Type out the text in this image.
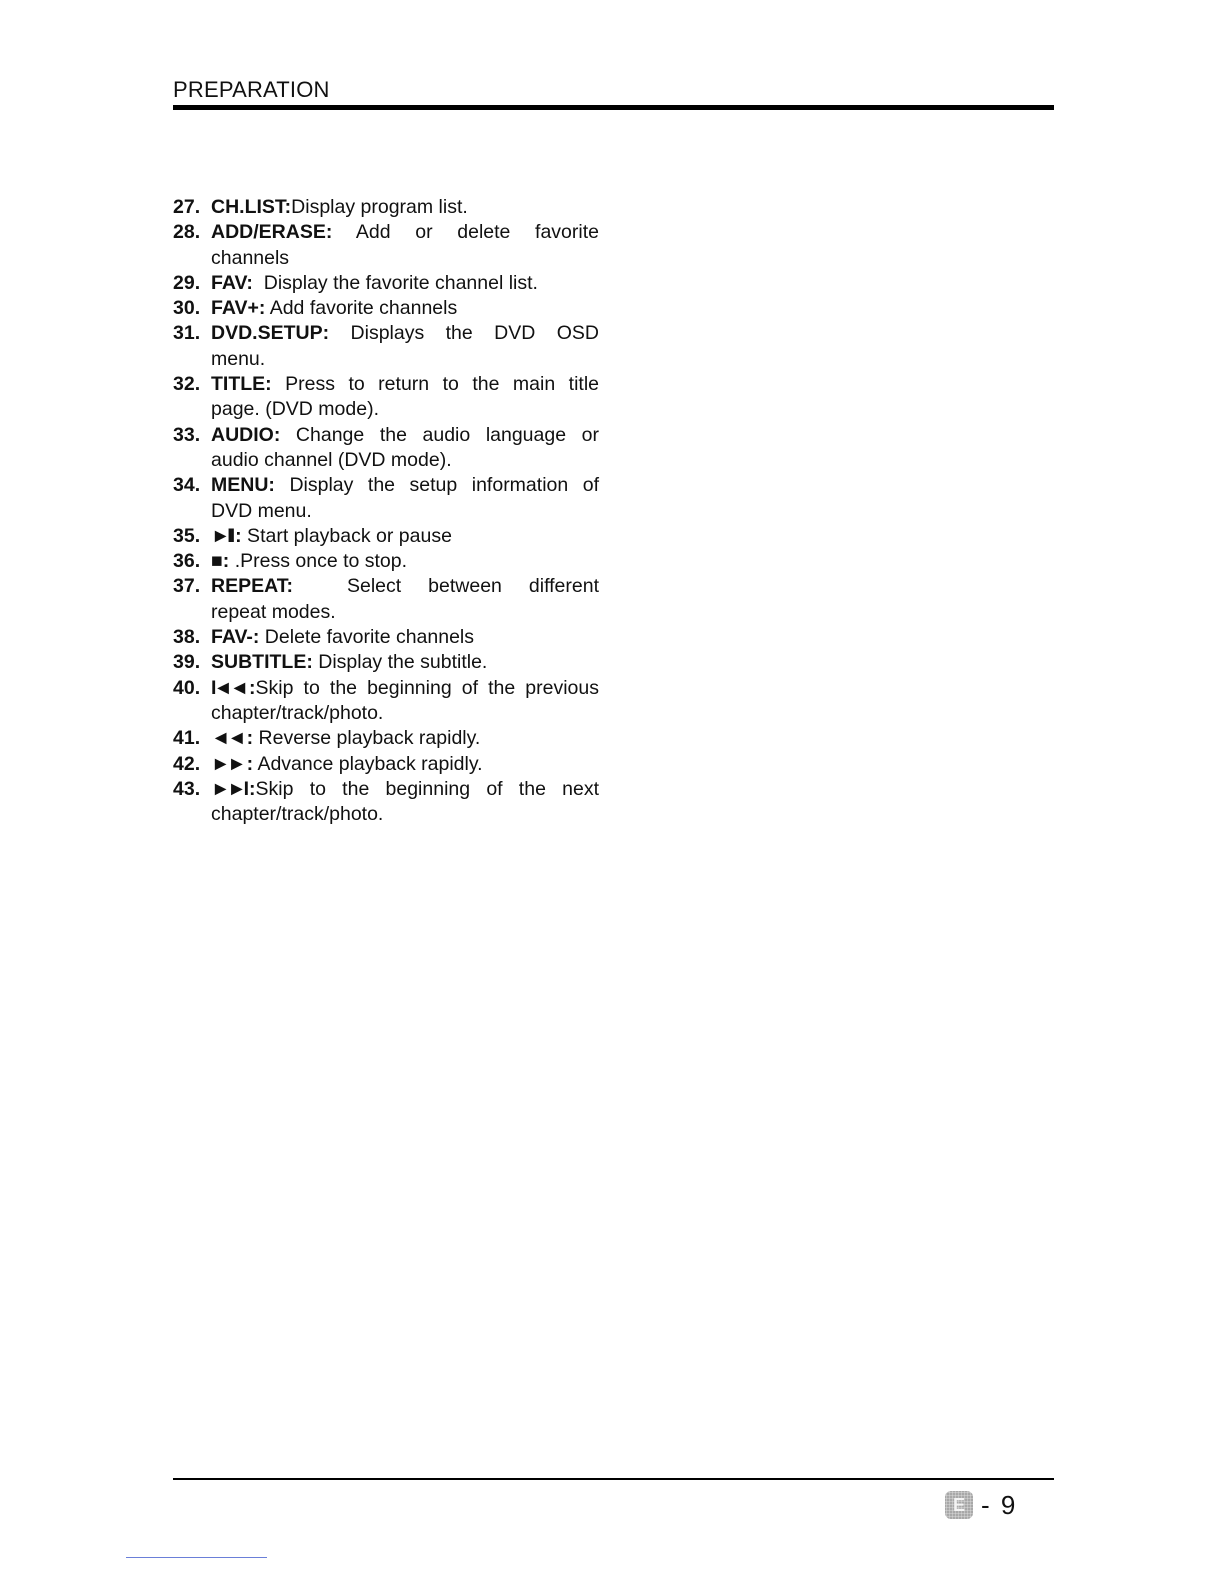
PREPARATION
27. CH.LIST:Display program list.
28. ADD/ERASE: Add or delete favorite
channels
29. FAV:  Display the favorite channel list.
30. FAV+: Add favorite channels
31. DVD.SETUP: Displays the DVD OSD
menu.
32. TITLE: Press to return to the main title
page. (DVD mode).
33. AUDIO: Change the audio language or
audio channel (DVD mode).
34. MENU: Display the setup information of
DVD menu.
35. ►II : Start playback or pause
36. ■ : .Press once to stop.
37. REPEAT:  Select between different
repeat modes.
38. FAV-: Delete favorite channels
39. SUBTITLE: Display the subtitle.
40. I◄◄ :Skip to the beginning of the previous
chapter/track/photo.
41. ◄◄ : Reverse playback rapidly.
42. ►► : Advance playback rapidly.
43. ►►I :Skip to the beginning of the next
chapter/track/photo.
E - 9
